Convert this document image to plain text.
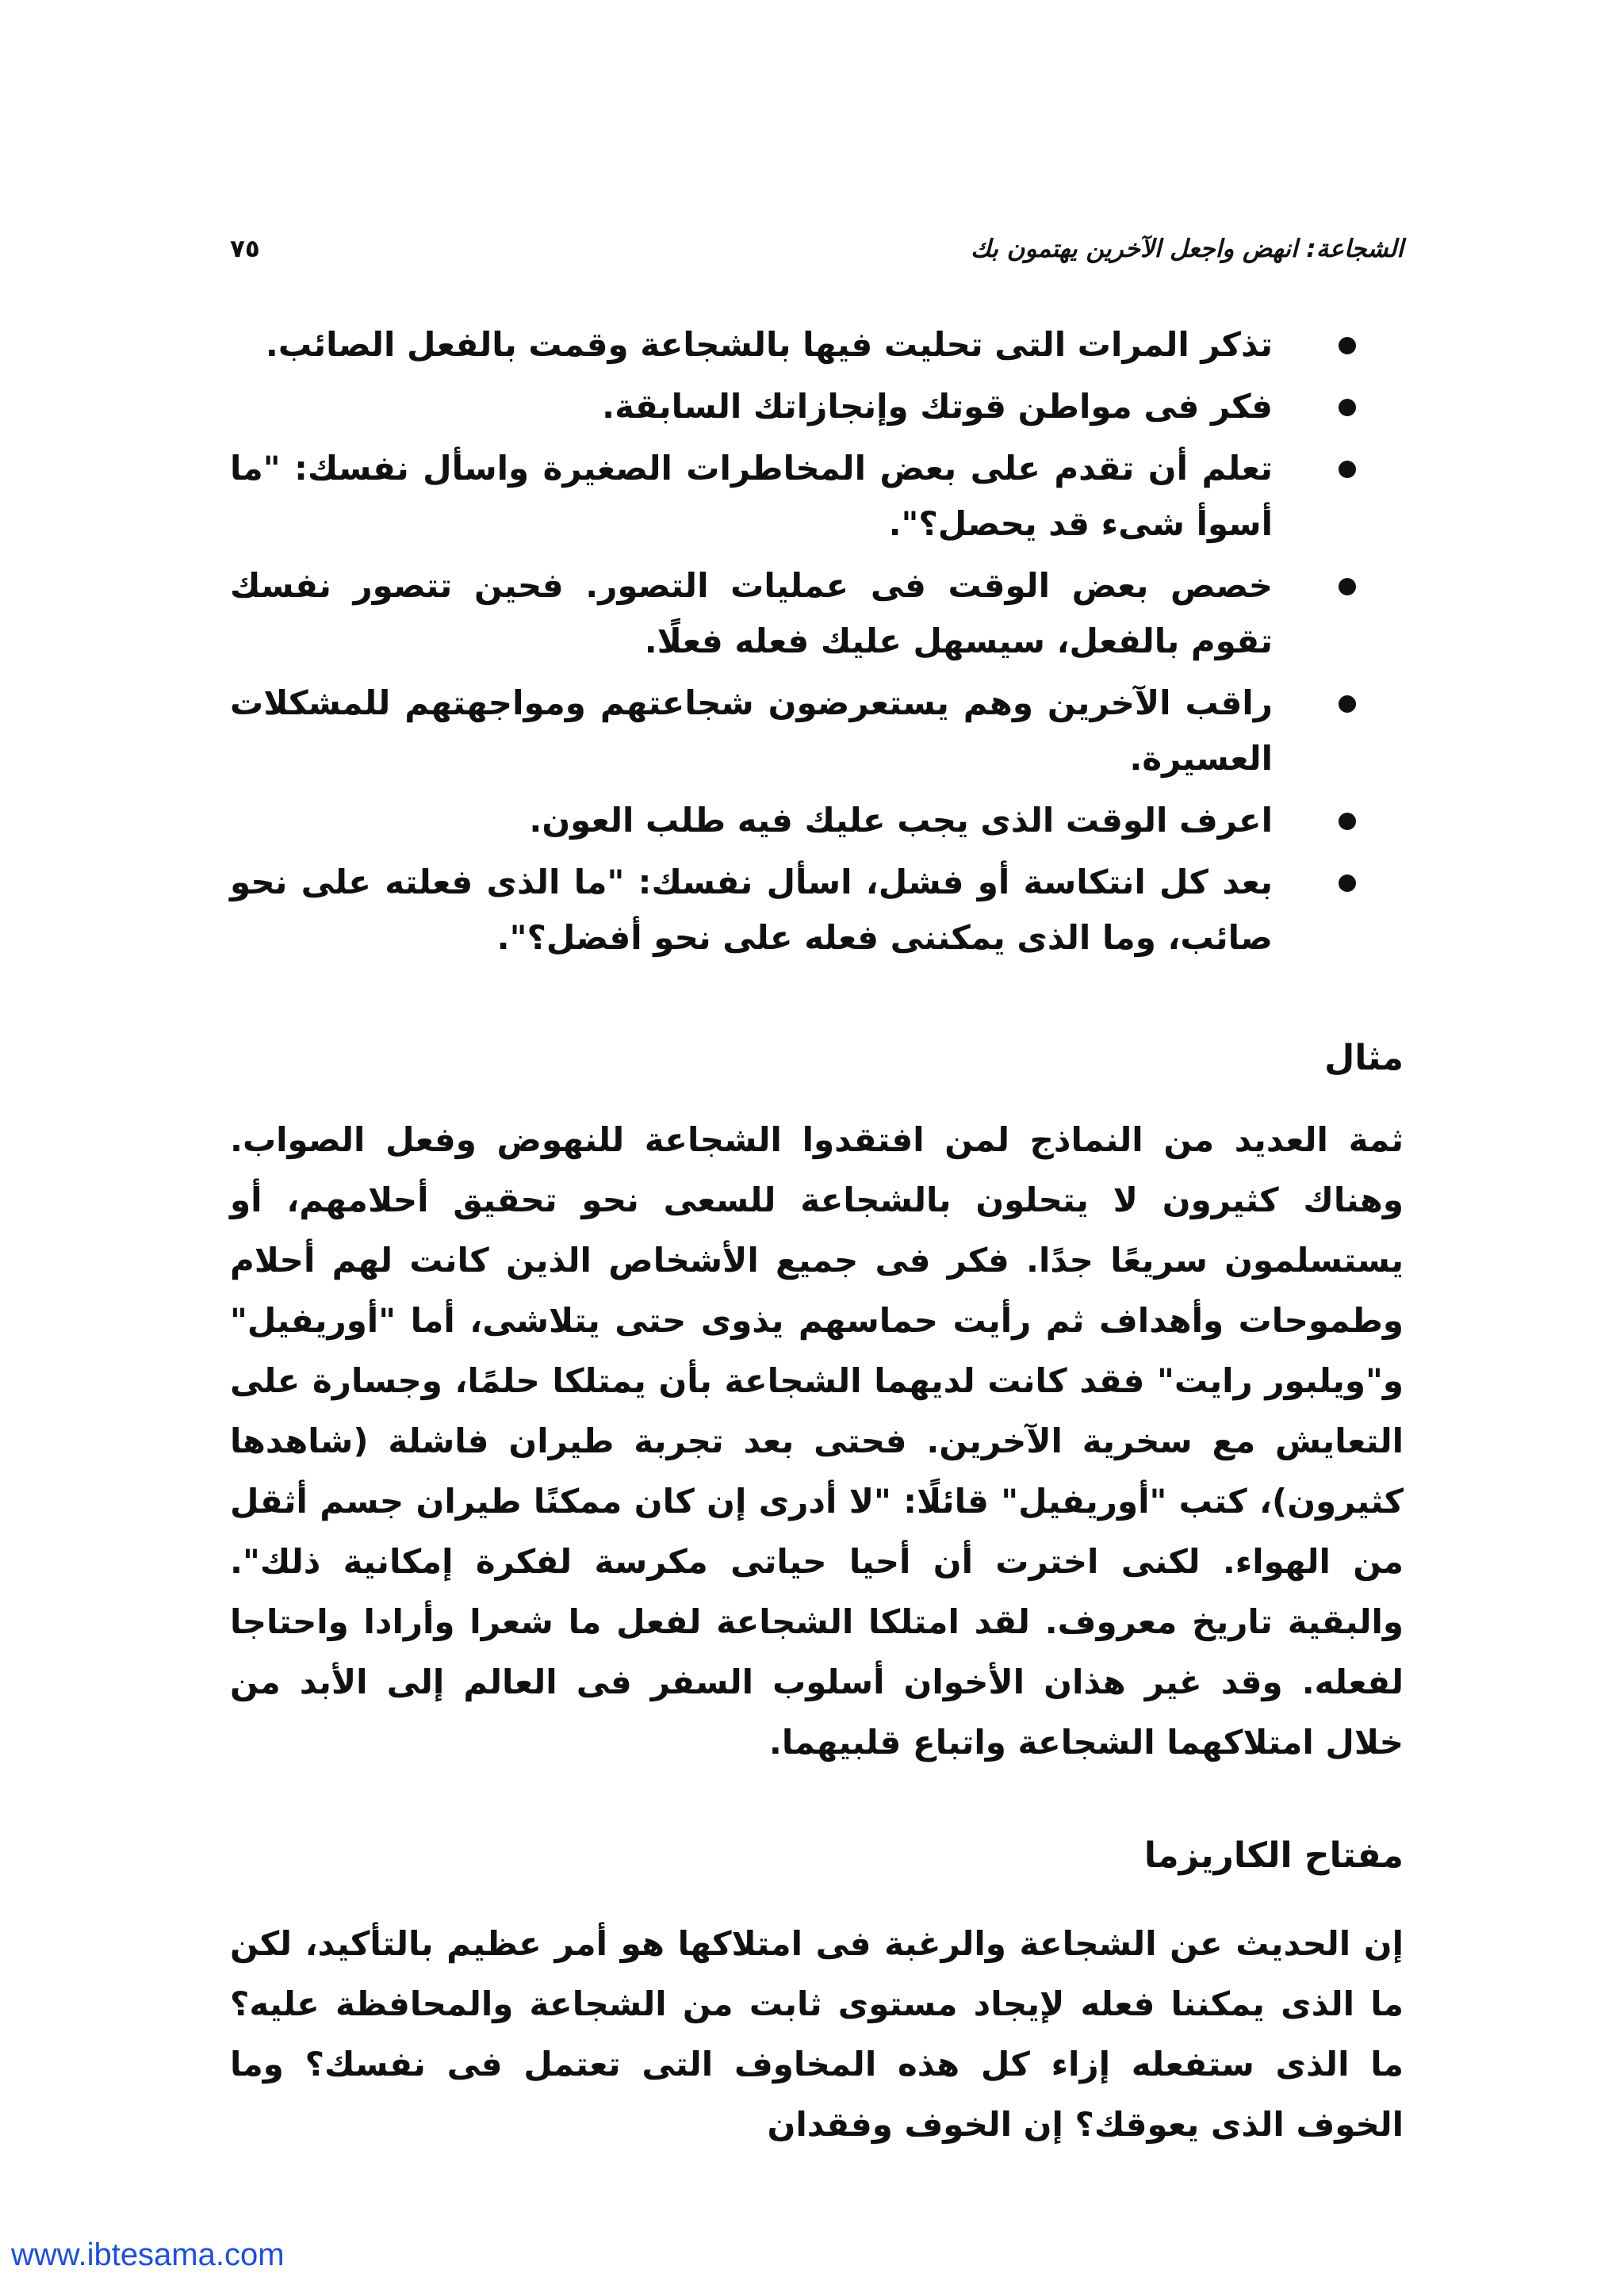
الشجاعة: انهض واجعل الآخرين يهتمون بك
٧٥
تذكر المرات التى تحليت فيها بالشجاعة وقمت بالفعل الصائب.
فكر فى مواطن قوتك وإنجازاتك السابقة.
تعلم أن تقدم على بعض المخاطرات الصغيرة واسأل نفسك: "ما أسوأ شىء قد يحصل؟".
خصص بعض الوقت فى عمليات التصور. فحين تتصور نفسك تقوم بالفعل، سيسهل عليك فعله فعلًا.
راقب الآخرين وهم يستعرضون شجاعتهم ومواجهتهم للمشكلات العسيرة.
اعرف الوقت الذى يجب عليك فيه طلب العون.
بعد كل انتكاسة أو فشل، اسأل نفسك: "ما الذى فعلته على نحو صائب، وما الذى يمكننى فعله على نحو أفضل؟".
مثال

ثمة العديد من النماذج لمن افتقدوا الشجاعة للنهوض وفعل الصواب. وهناك كثيرون لا يتحلون بالشجاعة للسعى نحو تحقيق أحلامهم، أو يستسلمون سريعًا جدًا. فكر فى جميع الأشخاص الذين كانت لهم أحلام وطموحات وأهداف ثم رأيت حماسهم يذوى حتى يتلاشى، أما "أوريفيل" و"ويلبور رايت" فقد كانت لديهما الشجاعة بأن يمتلكا حلمًا، وجسارة على التعايش مع سخرية الآخرين. فحتى بعد تجربة طيران فاشلة (شاهدها كثيرون)، كتب "أوريفيل" قائلًا: "لا أدرى إن كان ممكنًا طيران جسم أثقل من الهواء. لكنى اخترت أن أحيا حياتى مكرسة لفكرة إمكانية ذلك". والبقية تاريخ معروف. لقد امتلكا الشجاعة لفعل ما شعرا وأرادا واحتاجا لفعله. وقد غير هذان الأخوان أسلوب السفر فى العالم إلى الأبد من خلال امتلاكهما الشجاعة واتباع قلبيهما.

مفتاح الكاريزما

إن الحديث عن الشجاعة والرغبة فى امتلاكها هو أمر عظيم بالتأكيد، لكن ما الذى يمكننا فعله لإيجاد مستوى ثابت من الشجاعة والمحافظة عليه؟ ما الذى ستفعله إزاء كل هذه المخاوف التى تعتمل فى نفسك؟ وما الخوف الذى يعوقك؟ إن الخوف وفقدان

www.ibtesama.com
